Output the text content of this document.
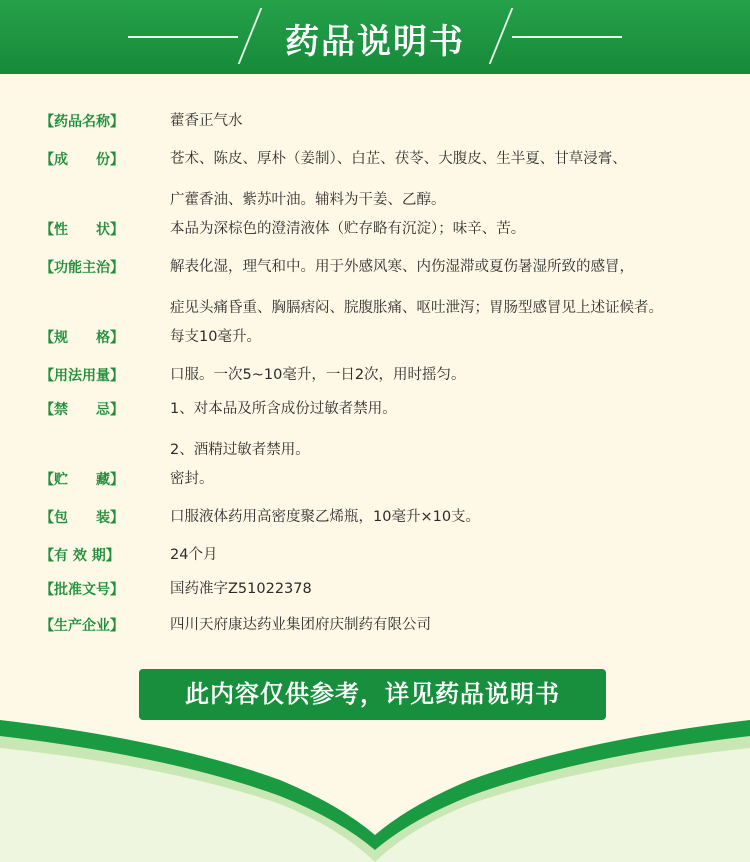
药品说明书
【药品名称】	藿香正气水
【成　　份】	苍术、陈皮、厚朴（姜制）、白芷、茯苓、大腹皮、生半夏、甘草浸膏、
广藿香油、紫苏叶油。辅料为干姜、乙醇。
【性　　状】	本品为深棕色的澄清液体（贮存略有沉淀）；味辛、苦。
【功能主治】	解表化湿，理气和中。用于外感风寒、内伤湿滞或夏伤暑湿所致的感冒，
症见头痛昏重、胸膈痞闷、脘腹胀痛、呕吐泄泻；胃肠型感冒见上述证候者。
【规　　格】	每支10毫升。
【用法用量】	口服。一次5~10毫升，一日2次，用时摇匀。
【禁　　忌】	1、对本品及所含成份过敏者禁用。
2、酒精过敏者禁用。
【贮　　藏】	密封。
【包　　装】	口服液体药用高密度聚乙烯瓶，10毫升×10支。
【有 效 期】	24个月
【批准文号】	国药准字Z51022378
【生产企业】	四川天府康达药业集团府庆制药有限公司
此内容仅供参考，详见药品说明书
